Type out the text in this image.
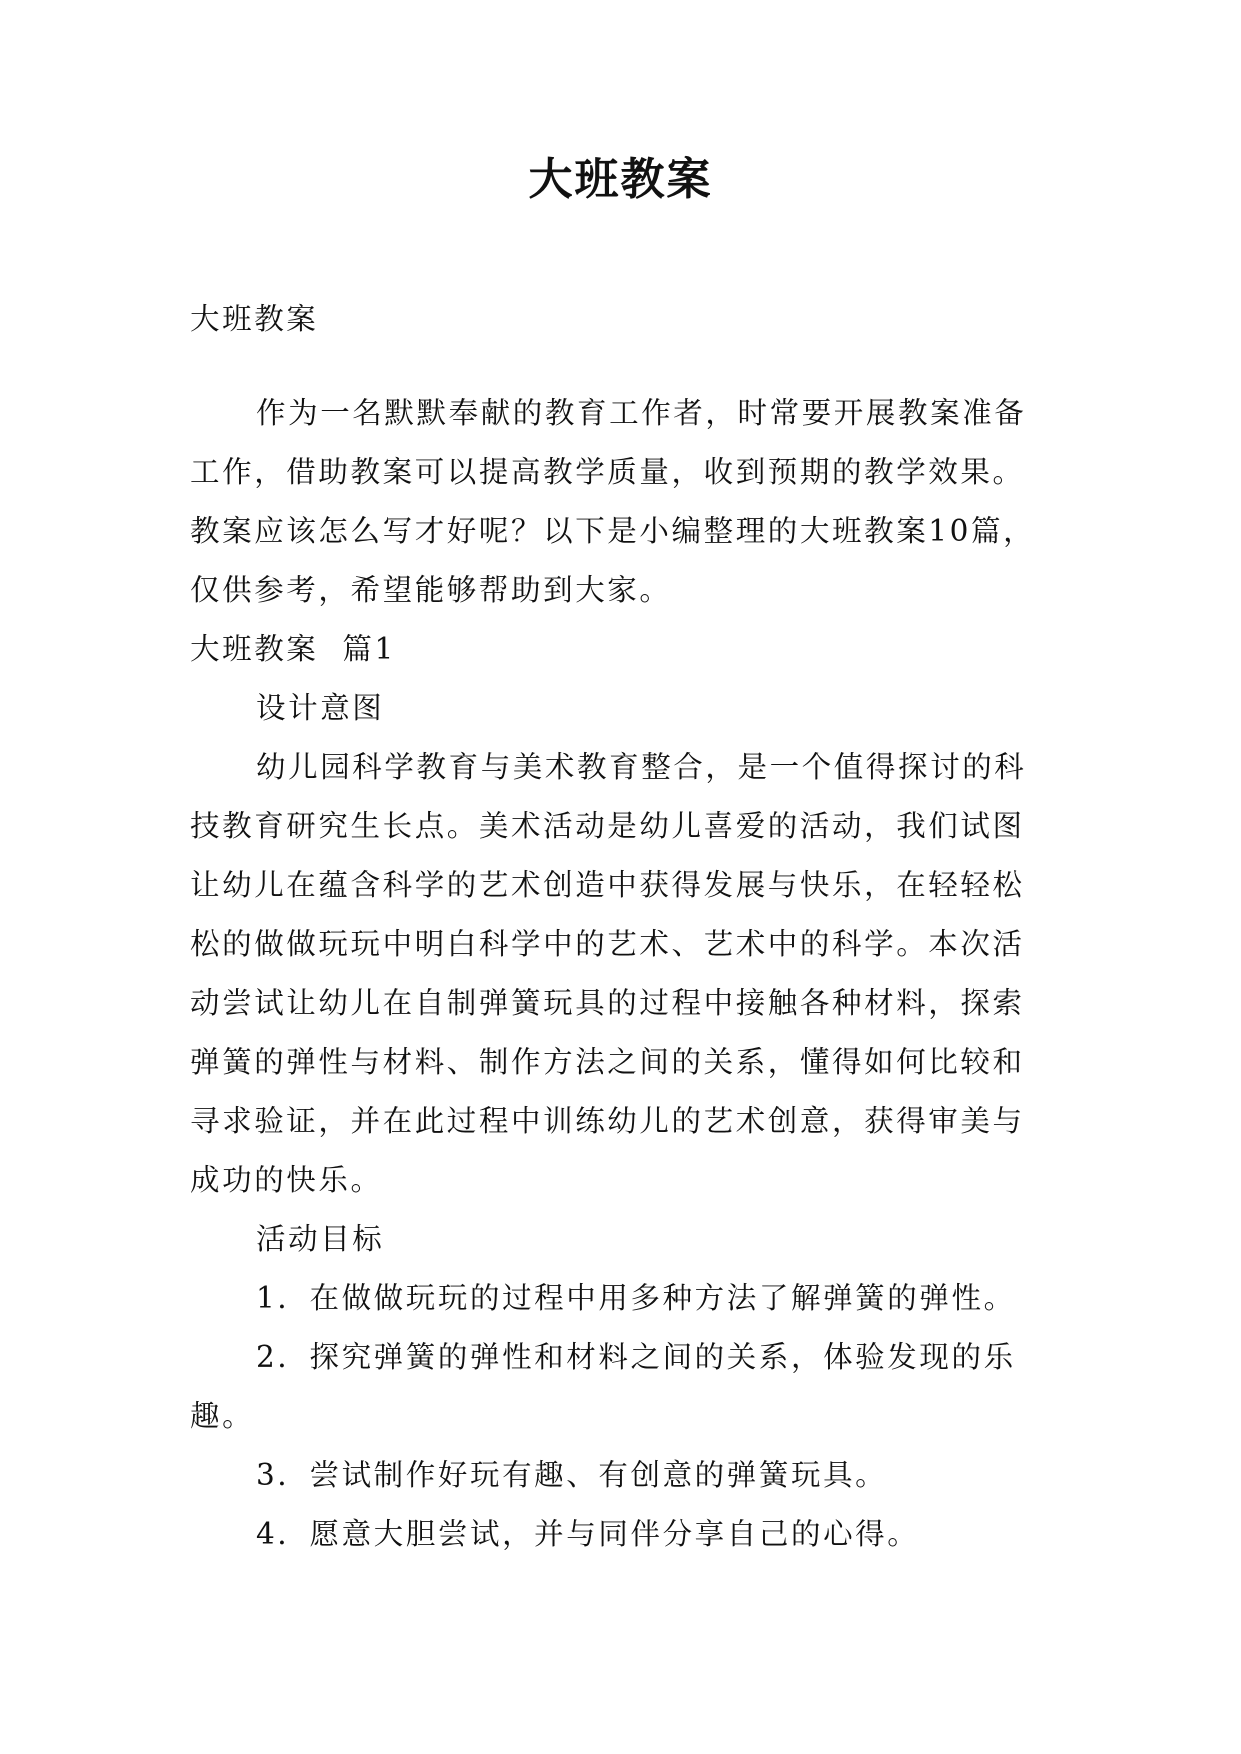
大班教案
大班教案
作为一名默默奉献的教育工作者，时常要开展教案准备
工作，借助教案可以提高教学质量，收到预期的教学效果。
教案应该怎么写才好呢？以下是小编整理的大班教案10篇，
仅供参考，希望能够帮助到大家。
大班教案  篇1
设计意图
幼儿园科学教育与美术教育整合，是一个值得探讨的科
技教育研究生长点。美术活动是幼儿喜爱的活动，我们试图
让幼儿在蕴含科学的艺术创造中获得发展与快乐，在轻轻松
松的做做玩玩中明白科学中的艺术、艺术中的科学。本次活
动尝试让幼儿在自制弹簧玩具的过程中接触各种材料，探索
弹簧的弹性与材料、制作方法之间的关系，懂得如何比较和
寻求验证，并在此过程中训练幼儿的艺术创意，获得审美与
成功的快乐。
活动目标
1．在做做玩玩的过程中用多种方法了解弹簧的弹性。
2．探究弹簧的弹性和材料之间的关系，体验发现的乐
趣。
3．尝试制作好玩有趣、有创意的弹簧玩具。
4．愿意大胆尝试，并与同伴分享自己的心得。
